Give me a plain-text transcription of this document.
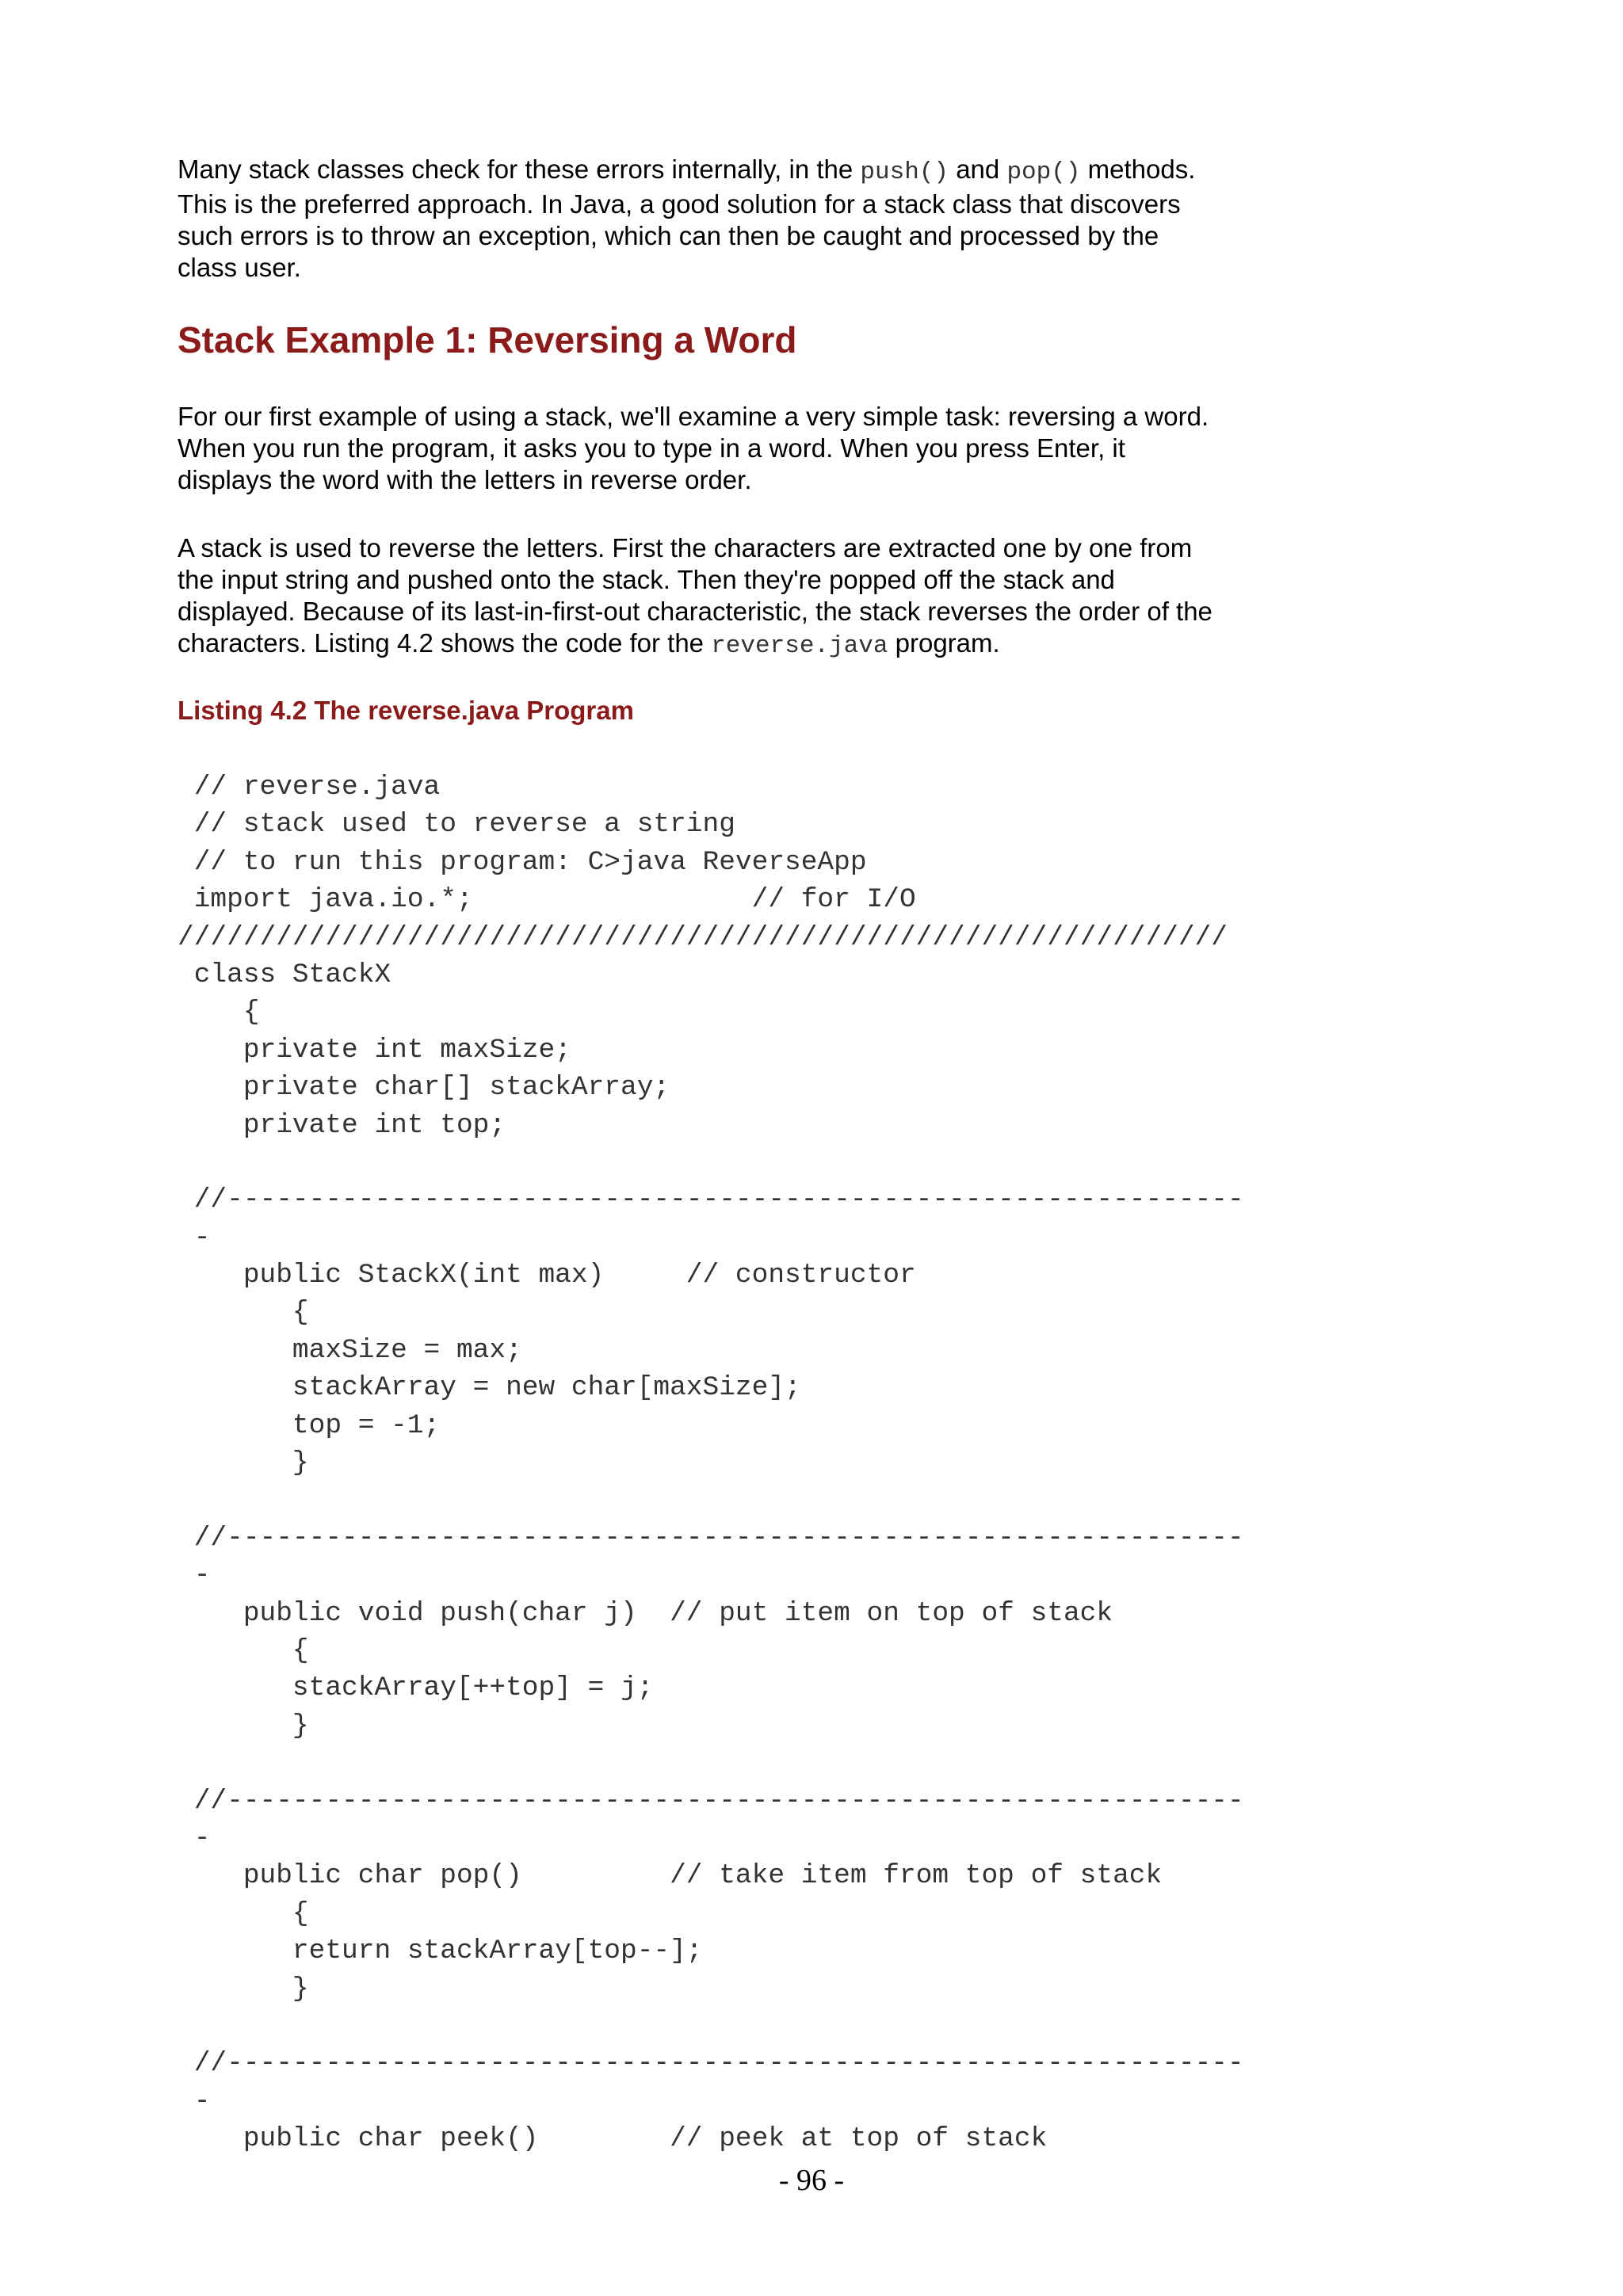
Many stack classes check for these errors internally, in the push() and pop() methods.
This is the preferred approach. In Java, a good solution for a stack class that discovers
such errors is to throw an exception, which can then be caught and processed by the
class user.

Stack Example 1: Reversing a Word

For our first example of using a stack, we'll examine a very simple task: reversing a word.
When you run the program, it asks you to type in a word. When you press Enter, it
displays the word with the letters in reverse order.

A stack is used to reverse the letters. First the characters are extracted one by one from
the input string and pushed onto the stack. Then they're popped off the stack and
displayed. Because of its last-in-first-out characteristic, the stack reverses the order of the
characters. Listing 4.2 shows the code for the reverse.java program.

Listing 4.2 The reverse.java Program

// reverse.java
// stack used to reverse a string
// to run this program: C>java ReverseApp
import java.io.*;                 // for I/O
////////////////////////////////////////////////////////////////
class StackX
{
private int maxSize;
private char[] stackArray;
private int top;
//--------------------------------------------------------------
-
public StackX(int max)     // constructor
{
maxSize = max;
stackArray = new char[maxSize];
top = -1;
}
//--------------------------------------------------------------
-
public void push(char j)  // put item on top of stack
{
stackArray[++top] = j;
}
//--------------------------------------------------------------
-
public char pop()         // take item from top of stack
{
return stackArray[top--];
}
//--------------------------------------------------------------
-
public char peek()        // peek at top of stack
- 96 -
